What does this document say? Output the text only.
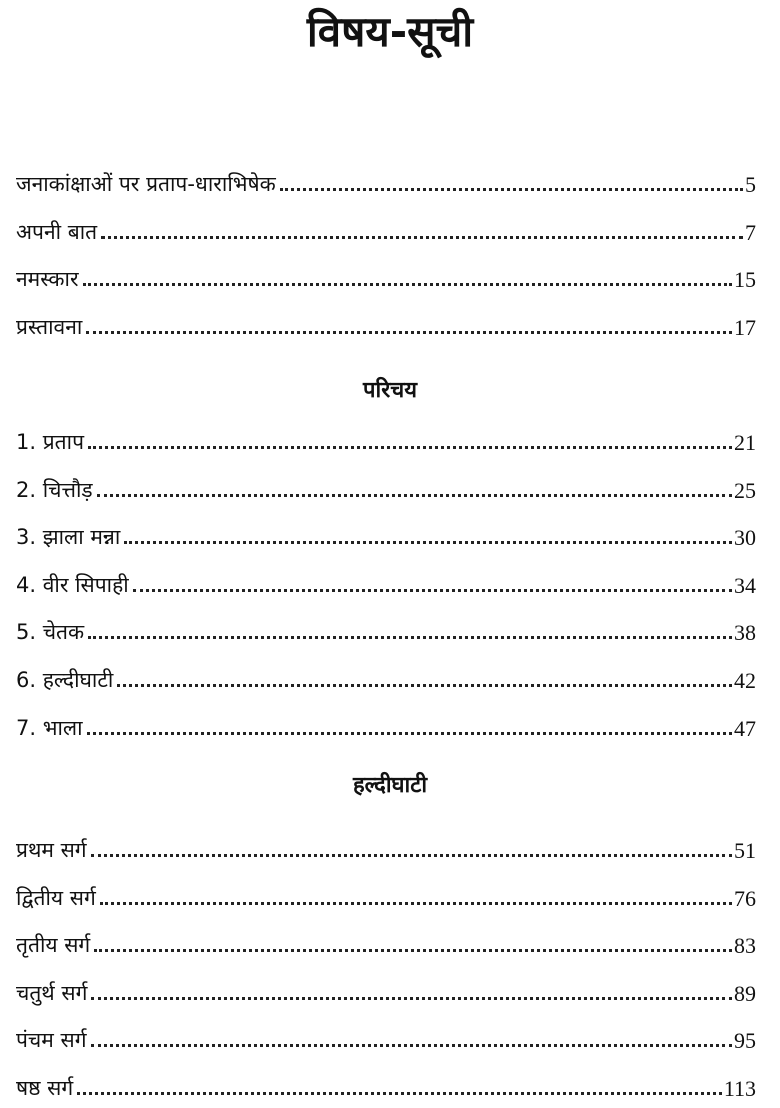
विषय-सूची
जनाकांक्षाओं पर प्रताप-धाराभिषेक	5
अपनी बात	7
नमस्कार	15
प्रस्तावना	17
परिचय
1. प्रताप	21
2. चित्तौड़	25
3. झाला मन्ना	30
4. वीर सिपाही	34
5. चेतक	38
6. हल्दीघाटी	42
7. भाला	47
हल्दीघाटी
प्रथम सर्ग	51
द्वितीय सर्ग	76
तृतीय सर्ग	83
चतुर्थ सर्ग	89
पंचम सर्ग	95
षष्ठ सर्ग	113
